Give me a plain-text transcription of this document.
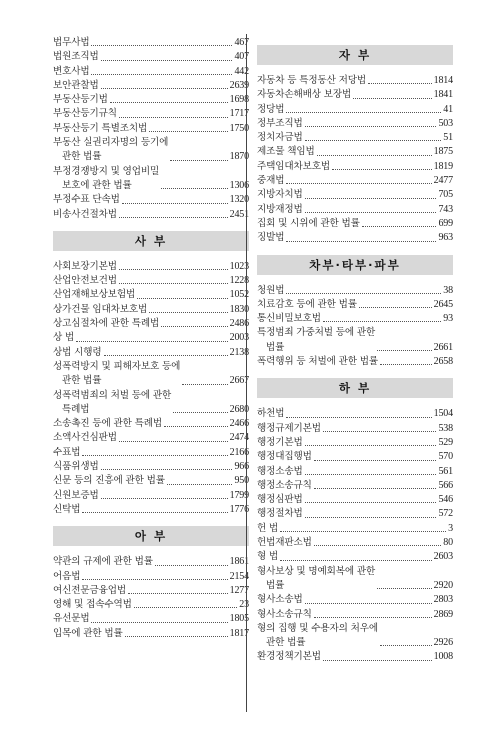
법무사법	467
법원조직법	407
변호사법	442
보안관찰법	2639
부동산등기법	1698
부동산등기규칙	1717
부동산등기 특별조치법	1750
부동산 실권리자명의 등기에
관한 법률	1870
부정경쟁방지 및 영업비밀
보호에 관한 법률	1306
부정수표 단속법	1320
비송사건절차법	2451
사 부
사회보장기본법	1023
산업안전보건법	1228
산업재해보상보험법	1052
상가건물 임대차보호법	1830
상고심절차에 관한 특례법	2486
상 법	2003
상법 시행령	2138
성폭력방지 및 피해자보호 등에
관한 법률	2667
성폭력범죄의 처벌 등에 관한
특례법	2680
소송촉진 등에 관한 특례법	2466
소액사건심판법	2474
수표법	2166
식품위생법	966
신문 등의 진흥에 관한 법률	950
신원보증법	1799
신탁법	1776
아 부
약관의 규제에 관한 법률	1861
어음법	2154
여신전문금융업법	1277
영해 및 접속수역법	23
유선문법	1805
입목에 관한 법률	1817
자 부
자동차 등 특정동산 저당법	1814
자동차손해배상 보장법	1841
정당법	41
정부조직법	503
정치자금법	51
제조물 책임법	1875
주택임대차보호법	1819
중재법	2477
지방자치법	705
지방재정법	743
집회 및 시위에 관한 법률	699
징발법	963
차부·타부·파부
청원법	38
치료감호 등에 관한 법률	2645
통신비밀보호법	93
특정범죄 가중처벌 등에 관한
법률	2661
폭력행위 등 처벌에 관한 법률	2658
하 부
하천법	1504
행정규제기본법	538
행정기본법	529
행정대집행법	570
행정소송법	561
행정소송규칙	566
행정심판법	546
행정절차법	572
헌 법	3
헌법재판소법	80
형 법	2603
형사보상 및 명예회복에 관한
법률	2920
형사소송법	2803
형사소송규칙	2869
형의 집행 및 수용자의 처우에
관한 법률	2926
환경정책기본법	1008
